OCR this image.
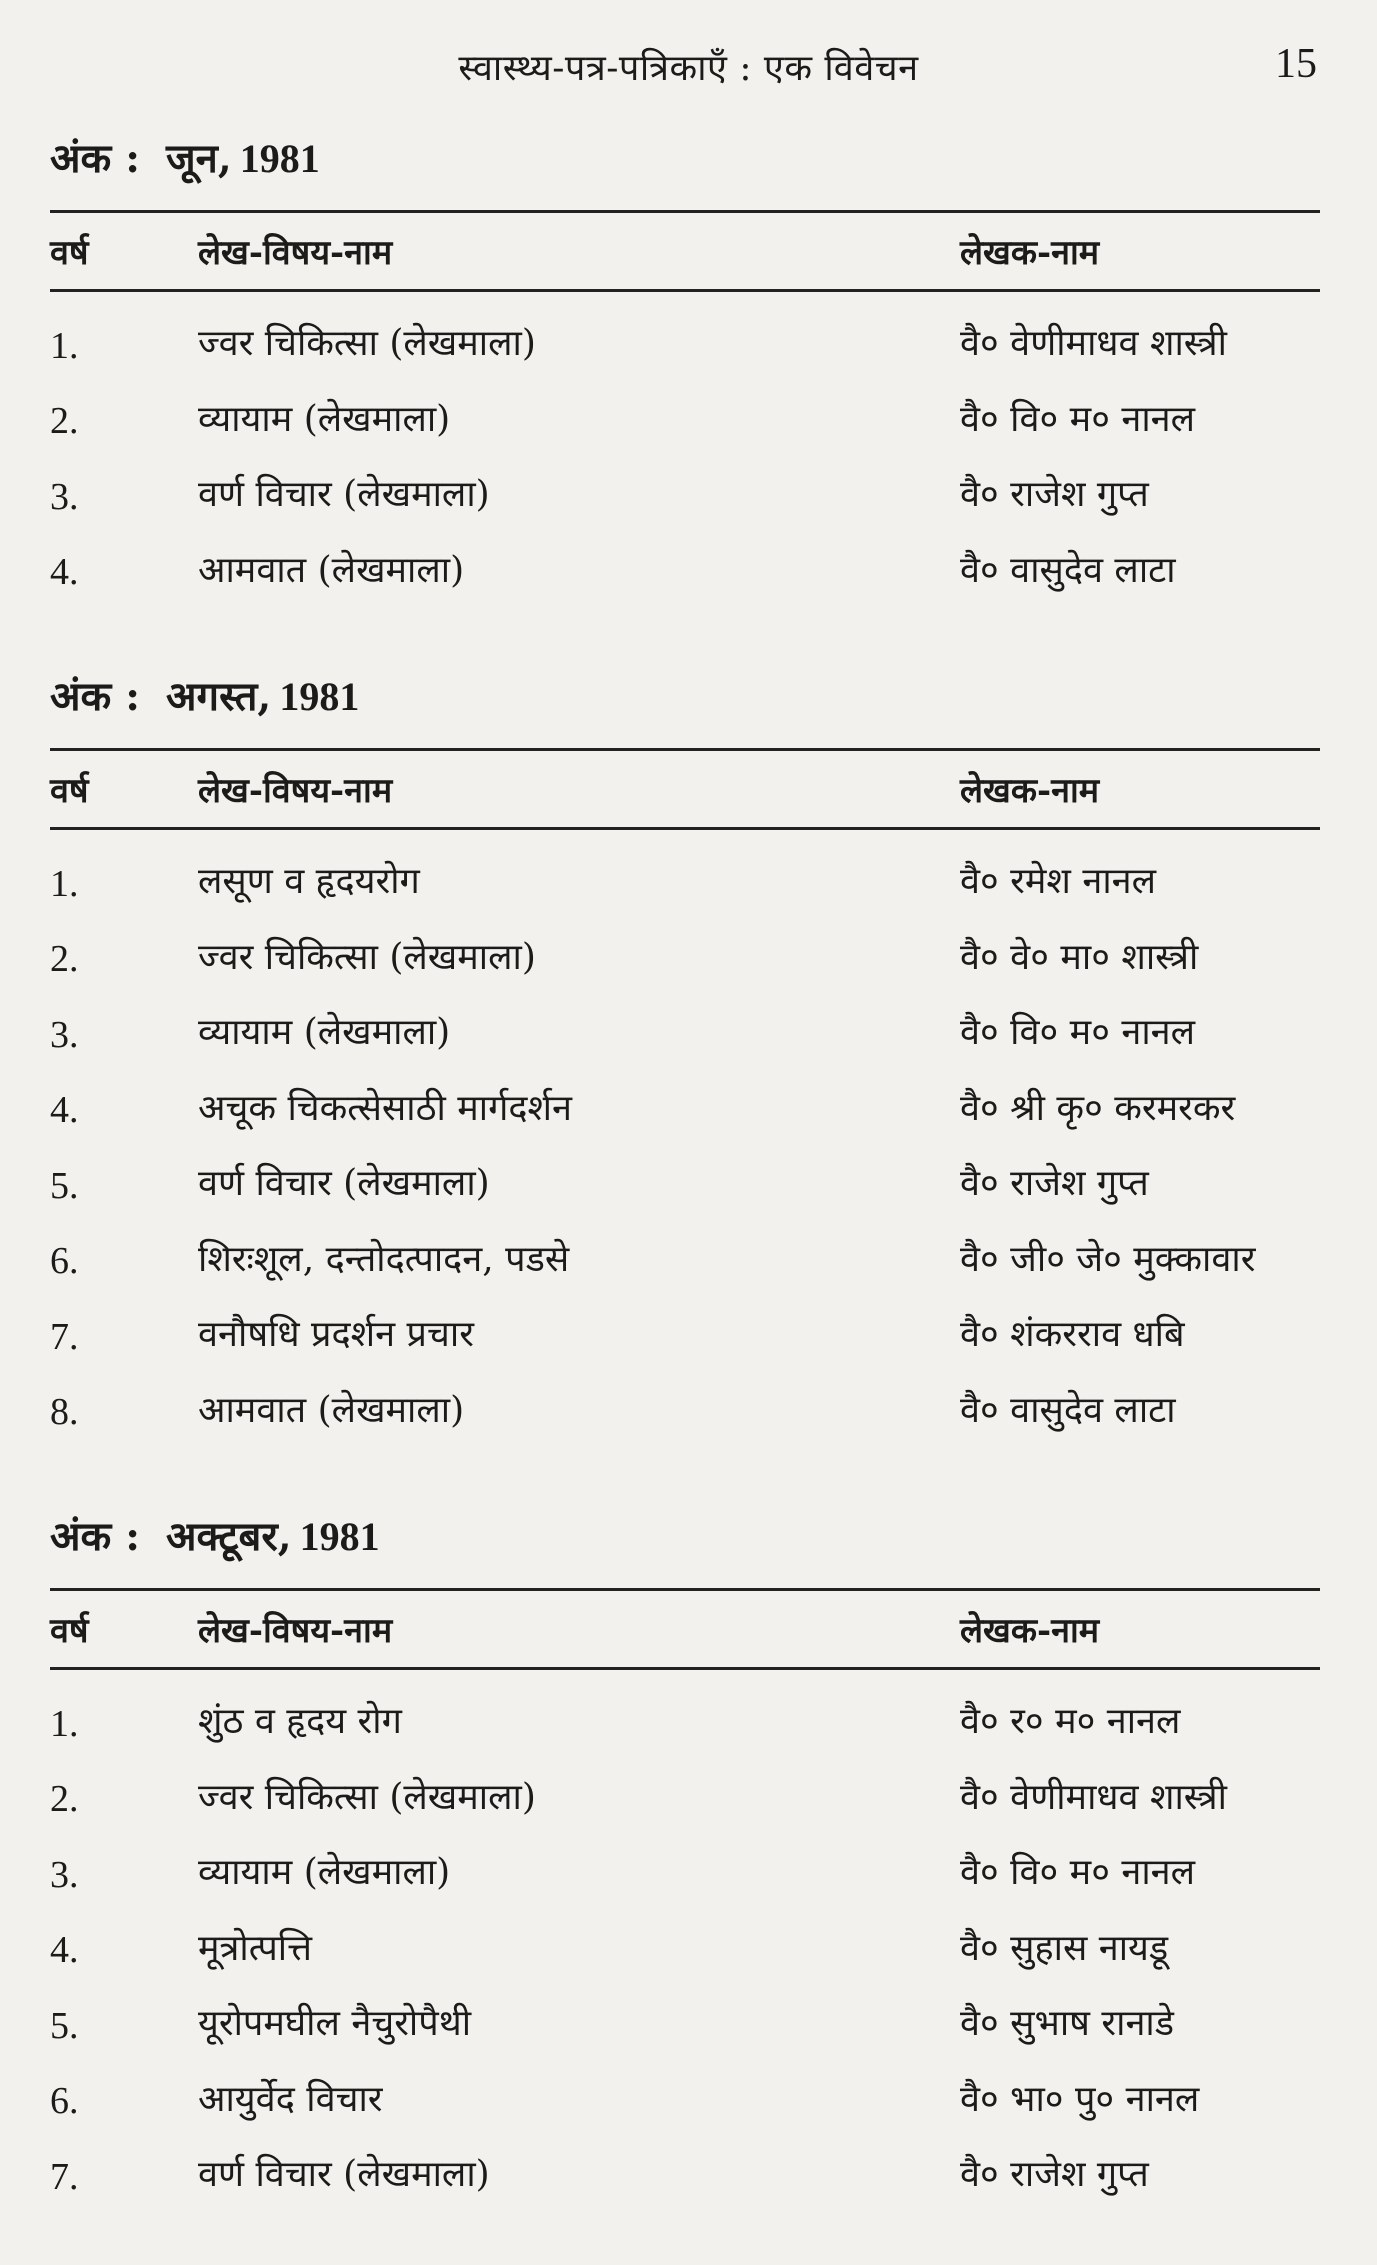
स्वास्थ्य-पत्र-पत्रिकाएँ : एक विवेचन	15
अंक : जून, 1981
वर्ष	लेख-विषय-नाम	लेखक-नाम
1.	ज्वर चिकित्सा (लेखमाला)	वै० वेणीमाधव शास्त्री
2.	व्यायाम (लेखमाला)	वै० वि० म० नानल
3.	वर्ण विचार (लेखमाला)	वै० राजेश गुप्त
4.	आमवात (लेखमाला)	वै० वासुदेव लाटा
अंक : अगस्त, 1981
वर्ष	लेख-विषय-नाम	लेखक-नाम
1.	लसूण व हृदयरोग	वै० रमेश नानल
2.	ज्वर चिकित्सा (लेखमाला)	वै० वे० मा० शास्त्री
3.	व्यायाम (लेखमाला)	वै० वि० म० नानल
4.	अचूक चिकत्सेसाठी मार्गदर्शन	वै० श्री कृ० करमरकर
5.	वर्ण विचार (लेखमाला)	वै० राजेश गुप्त
6.	शिरःशूल, दन्तोदत्पादन, पडसे	वै० जी० जे० मुक्कावार
7.	वनौषधि प्रदर्शन प्रचार	वै० शंकरराव धबि
8.	आमवात (लेखमाला)	वै० वासुदेव लाटा
अंक : अक्टूबर, 1981
वर्ष	लेख-विषय-नाम	लेखक-नाम
1.	शुंठ व हृदय रोग	वै० र० म० नानल
2.	ज्वर चिकित्सा (लेखमाला)	वै० वेणीमाधव शास्त्री
3.	व्यायाम (लेखमाला)	वै० वि० म० नानल
4.	मूत्रोत्पत्ति	वै० सुहास नायडू
5.	यूरोपमघील नैचुरोपैथी	वै० सुभाष रानाडे
6.	आयुर्वेद विचार	वै० भा० पु० नानल
7.	वर्ण विचार (लेखमाला)	वै० राजेश गुप्त
